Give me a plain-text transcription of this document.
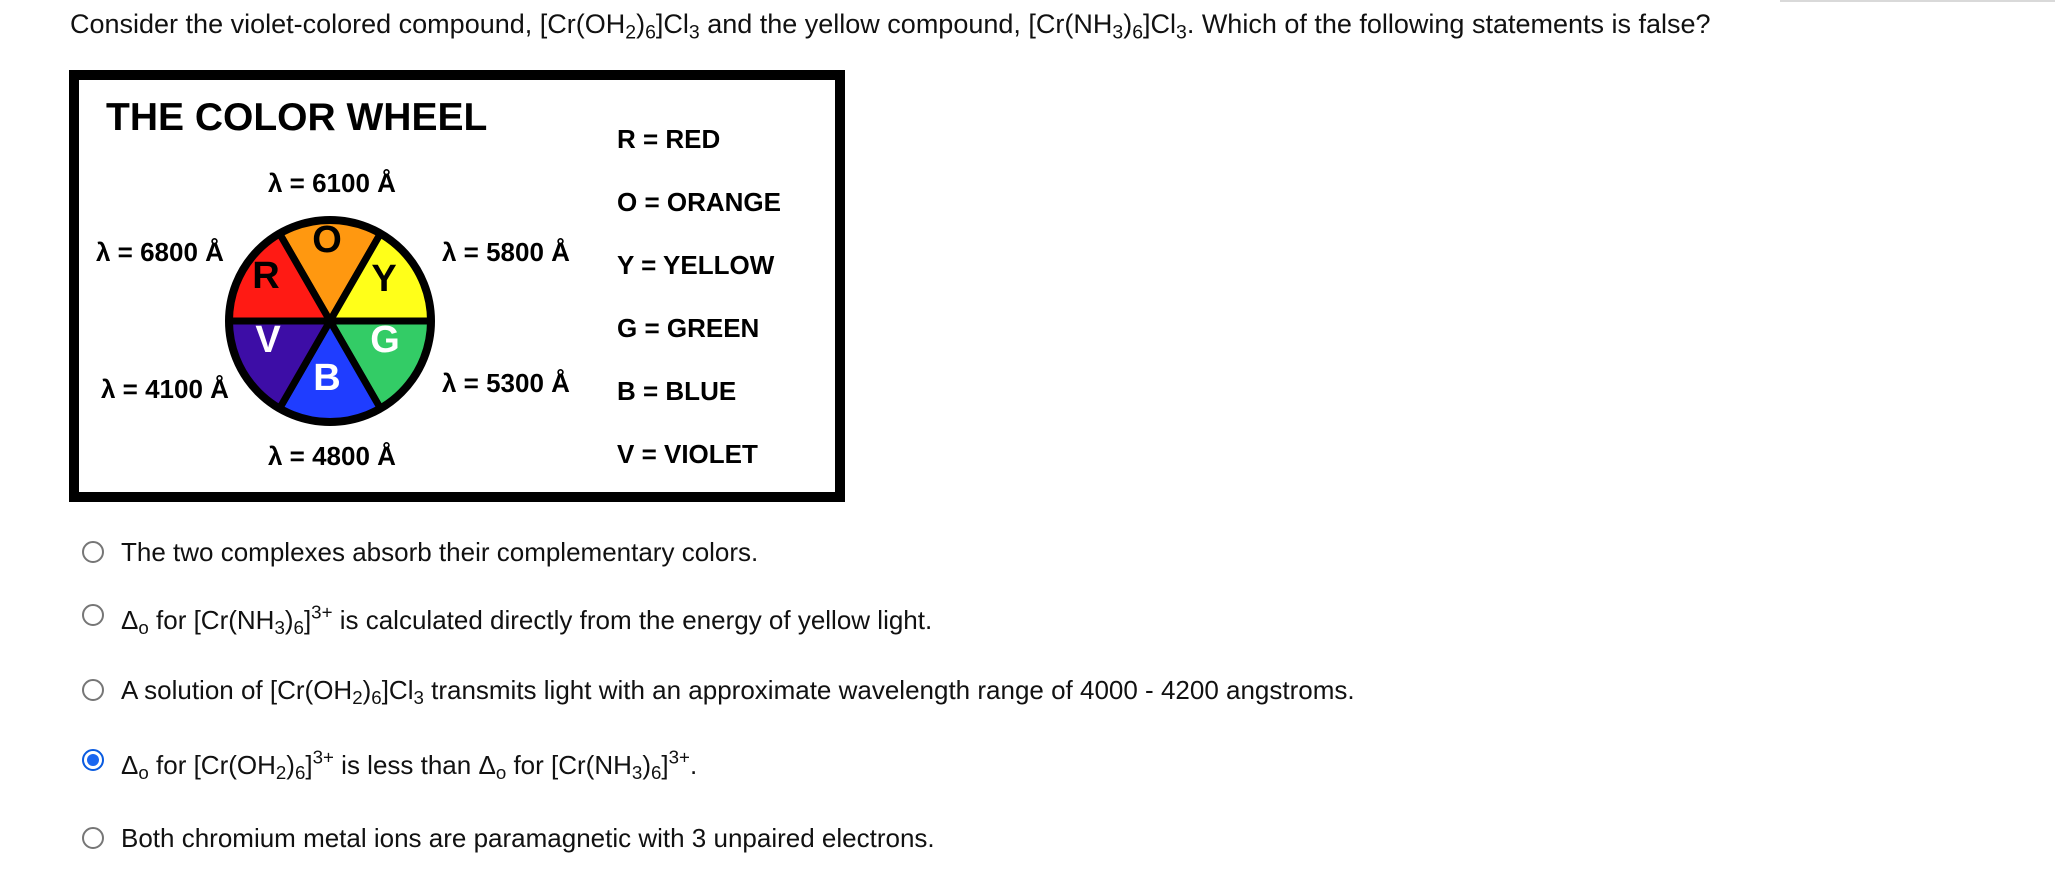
Consider the violet-colored compound, $[Cr(OH_2)_6]Cl_3$ and the yellow compound, $[Cr(NH_3)_6]Cl_3$. Which of the following statements is false?
THE COLOR WHEEL
O
Y
G
B
V
R
λ = 6100 Å
λ = 6800 Å	λ = 5800 Å
λ = 4100 Å	λ = 5300 Å
λ = 4800 Å
R = RED
O = ORANGE
Y = YELLOW
G = GREEN
B = BLUE
V = VIOLET
The two complexes absorb their complementary colors.
$\Delta_o$ for $[Cr(NH_3)_6]^{3+}$ is calculated directly from the energy of yellow light.
A solution of $[Cr(OH_2)_6]Cl_3$ transmits light with an approximate wavelength range of 4000 - 4200 angstroms.
$\Delta_o$ for $[Cr(OH_2)_6]^{3+}$ is less than $\Delta_o$ for $[Cr(NH_3)_6]^{3+}$.
Both chromium metal ions are paramagnetic with 3 unpaired electrons.
